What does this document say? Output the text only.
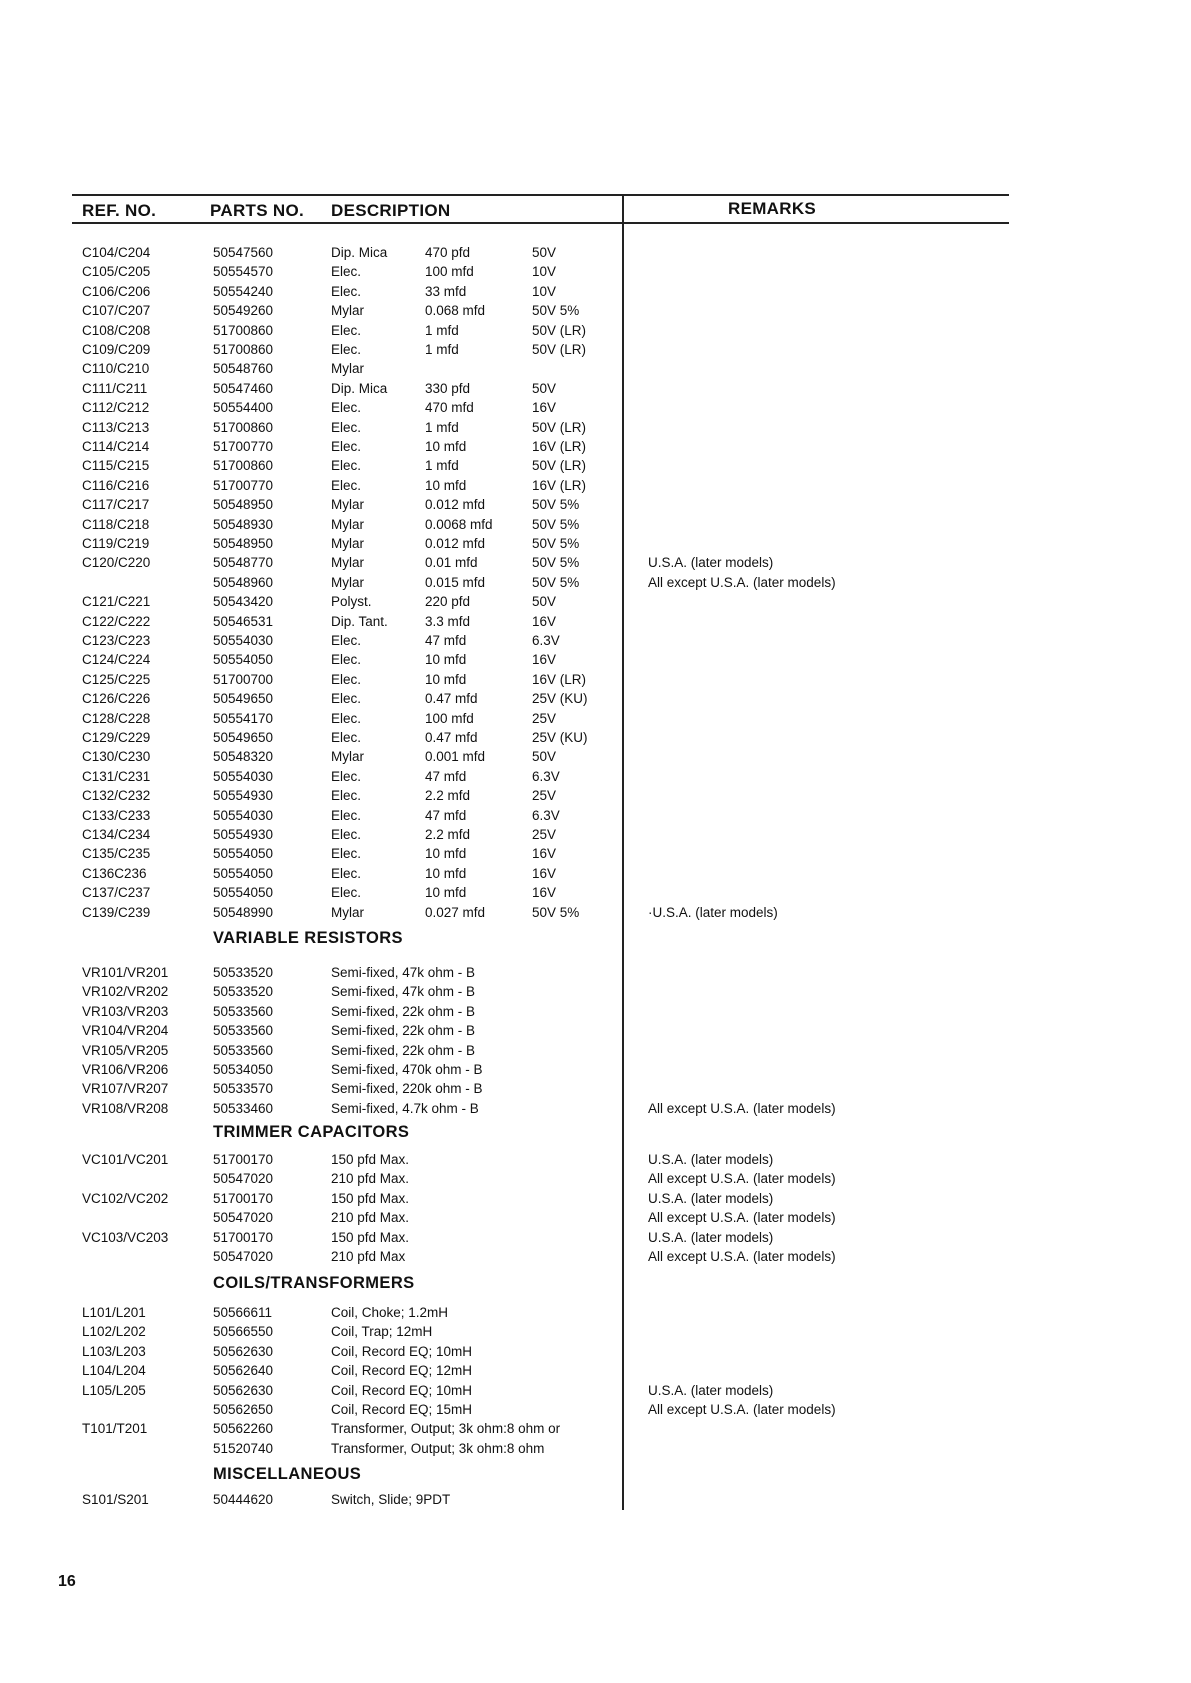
REF. NO.	PARTS NO. DESCRIPTION	REMARKS
C104/C204	50547560	Dip. Mica	470 pfd	50V
C105/C205	50554570	Elec.	100 mfd	10V
C106/C206	50554240	Elec.	33 mfd	10V
C107/C207	50549260	Mylar	0.068 mfd	50V 5%
C108/C208	51700860	Elec.	1 mfd	50V (LR)
C109/C209	51700860	Elec.	1 mfd	50V (LR)
C110/C210	50548760	Mylar
C111/C211	50547460	Dip. Mica	330 pfd	50V
C112/C212	50554400	Elec.	470 mfd	16V
C113/C213	51700860	Elec.	1 mfd	50V (LR)
C114/C214	51700770	Elec.	10 mfd	16V (LR)
C115/C215	51700860	Elec.	1 mfd	50V (LR)
C116/C216	51700770	Elec.	10 mfd	16V (LR)
C117/C217	50548950	Mylar	0.012 mfd	50V 5%
C118/C218	50548930	Mylar	0.0068 mfd	50V 5%
C119/C219	50548950	Mylar	0.012 mfd	50V 5%
C120/C220	50548770	Mylar	0.01 mfd	50V 5%	U.S.A. (later models)
50548960	Mylar	0.015 mfd	50V 5%	All except U.S.A. (later models)
C121/C221	50543420	Polyst.	220 pfd	50V
C122/C222	50546531	Dip. Tant.	3.3 mfd	16V
C123/C223	50554030	Elec.	47 mfd	6.3V
C124/C224	50554050	Elec.	10 mfd	16V
C125/C225	51700700	Elec.	10 mfd	16V (LR)
C126/C226	50549650	Elec.	0.47 mfd	25V (KU)
C128/C228	50554170	Elec.	100 mfd	25V
C129/C229	50549650	Elec.	0.47 mfd	25V (KU)
C130/C230	50548320	Mylar	0.001 mfd	50V
C131/C231	50554030	Elec.	47 mfd	6.3V
C132/C232	50554930	Elec.	2.2 mfd	25V
C133/C233	50554030	Elec.	47 mfd	6.3V
C134/C234	50554930	Elec.	2.2 mfd	25V
C135/C235	50554050	Elec.	10 mfd	16V
C136C236	50554050	Elec.	10 mfd	16V
C137/C237	50554050	Elec.	10 mfd	16V
C139/C239	50548990	Mylar	0.027 mfd	50V 5%	·U.S.A. (later models)
VARIABLE RESISTORS
VR101/VR201	50533520	Semi-fixed, 47k ohm - B
VR102/VR202	50533520	Semi-fixed, 47k ohm - B
VR103/VR203	50533560	Semi-fixed, 22k ohm - B
VR104/VR204	50533560	Semi-fixed, 22k ohm - B
VR105/VR205	50533560	Semi-fixed, 22k ohm - B
VR106/VR206	50534050	Semi-fixed, 470k ohm - B
VR107/VR207	50533570	Semi-fixed, 220k ohm - B
VR108/VR208	50533460	Semi-fixed, 4.7k ohm - B	All except U.S.A. (later models)
TRIMMER CAPACITORS
VC101/VC201	51700170	150 pfd Max.	U.S.A. (later models)
50547020	210 pfd Max.	All except U.S.A. (later models)
VC102/VC202	51700170	150 pfd Max.	U.S.A. (later models)
50547020	210 pfd Max.	All except U.S.A. (later models)
VC103/VC203	51700170	150 pfd Max.	U.S.A. (later models)
50547020	210 pfd Max	All except U.S.A. (later models)
COILS/TRANSFORMERS
L101/L201	50566611	Coil, Choke; 1.2mH
L102/L202	50566550	Coil, Trap; 12mH
L103/L203	50562630	Coil, Record EQ; 10mH
L104/L204	50562640	Coil, Record EQ; 12mH
L105/L205	50562630	Coil, Record EQ; 10mH	U.S.A. (later models)
50562650	Coil, Record EQ; 15mH	All except U.S.A. (later models)
T101/T201	50562260	Transformer, Output; 3k ohm:8 ohm or
51520740	Transformer, Output; 3k ohm:8 ohm
MISCELLANEOUS
S101/S201	50444620	Switch, Slide; 9PDT
16
